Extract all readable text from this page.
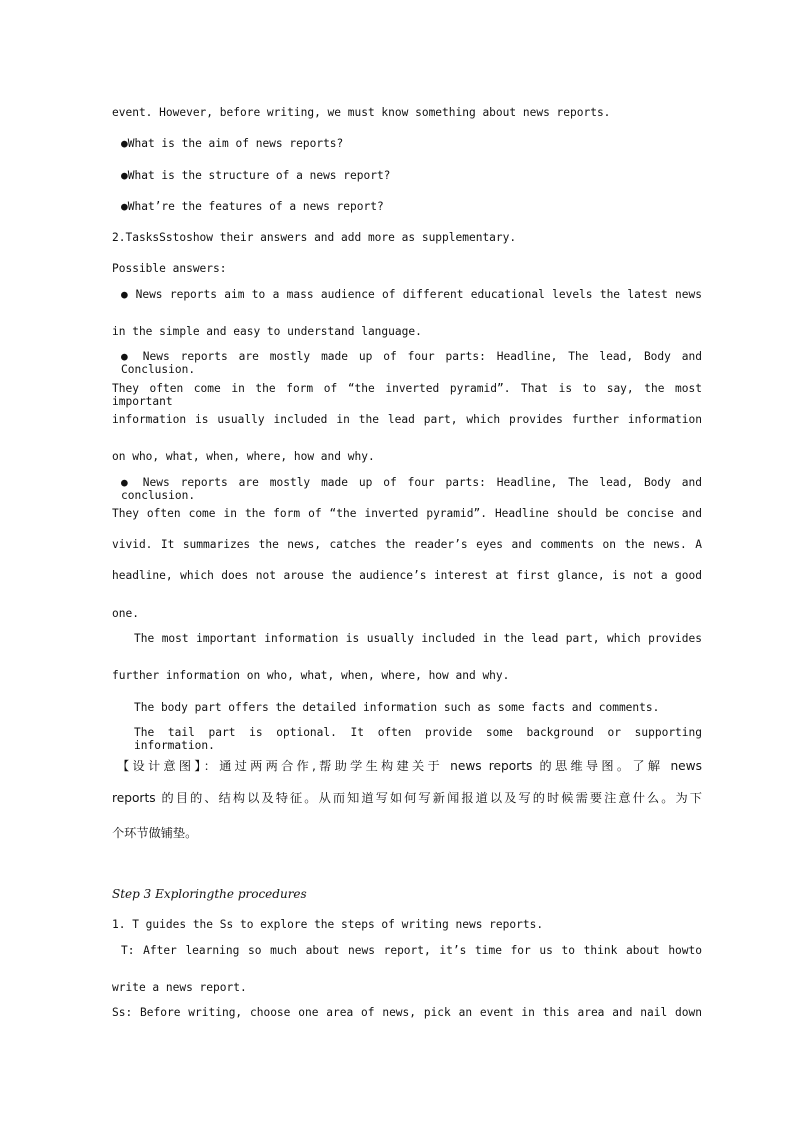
event. However, before writing, we must know something about news reports.
●What is the aim of news reports?
●What is the structure of a news report?
●What’re the features of a news report?
2.TasksSstoshow their answers and add more as supplementary.
Possible answers:
● News reports aim to a mass audience of different educational levels the latest news
in the simple and easy to understand language.
● News reports are mostly made up of four parts: Headline, The lead, Body and Conclusion.
They often come in the form of “the inverted pyramid”. That is to say, the most important
information is usually included in the lead part, which provides further information
on who, what, when, where, how and why.
● News reports are mostly made up of four parts: Headline, The lead, Body and conclusion.
They often come in the form of “the inverted pyramid”. Headline should be concise and
vivid. It summarizes the news, catches the reader’s eyes and comments on the news. A
headline, which does not arouse the audience’s interest at first glance, is not a good
one.
The most important information is usually included in the lead part, which provides
further information on who, what, when, where, how and why.
The body part offers the detailed information such as some facts and comments.
The tail part is optional. It often provide some background or supporting information.
【设计意图】：通过两两合作,帮助学生构建关于 news reports 的思维导图。了解 news
reports 的目的、结构以及特征。从而知道写如何写新闻报道以及写的时候需要注意什么。为下
个环节做铺垫。
Step 3 Exploringthe procedures
1. T guides the Ss to explore the steps of writing news reports.
T: After learning so much about news report, it’s time for us to think about howto
write a news report.
Ss: Before writing, choose one area of news, pick an event in this area and nail down
